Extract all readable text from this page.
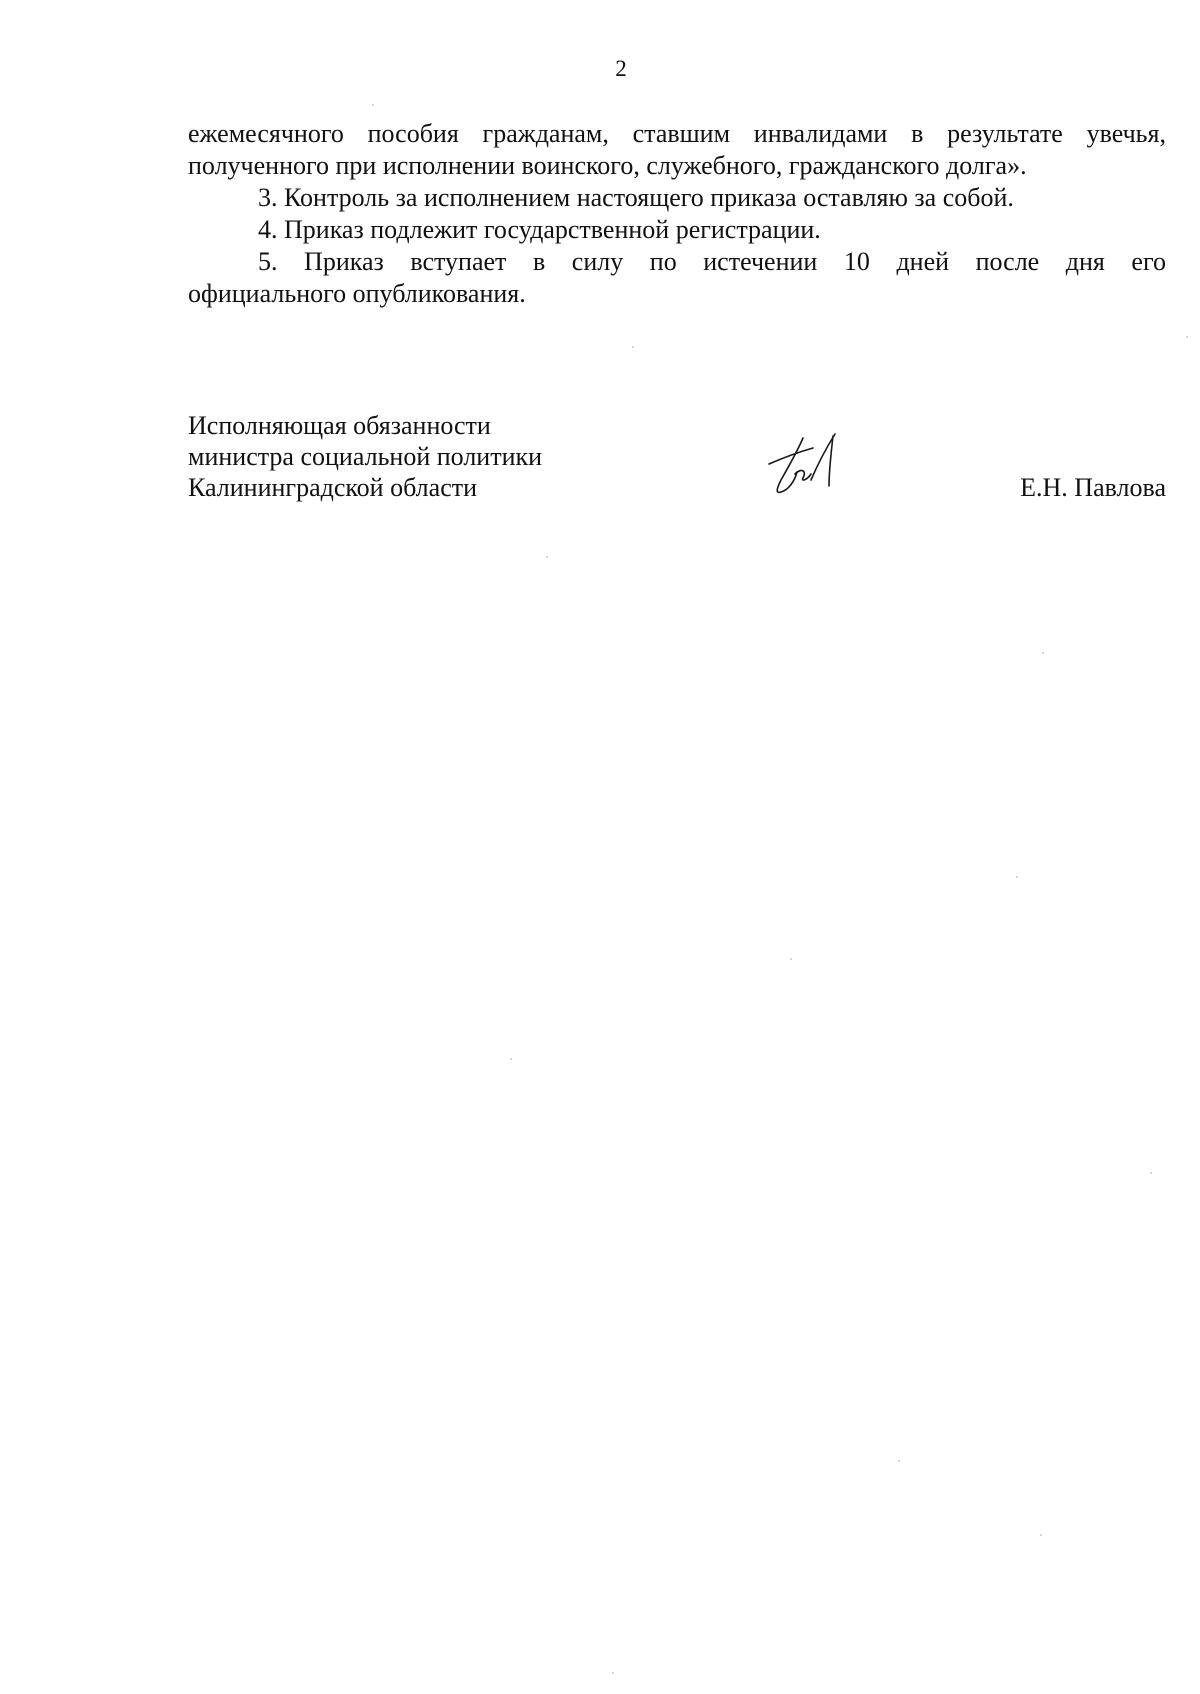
2

ежемесячного пособия гражданам, ставшим инвалидами в результате увечья,

полученного при исполнении воинского, служебного, гражданского долга».

3. Контроль за исполнением настоящего приказа оставляю за собой.

4. Приказ подлежит государственной регистрации.

5. Приказ вступает в силу по истечении 10 дней после дня его

официального опубликования.

Исполняющая обязанности
министра социальной политики
Калининградской области	Е.Н. Павлова
